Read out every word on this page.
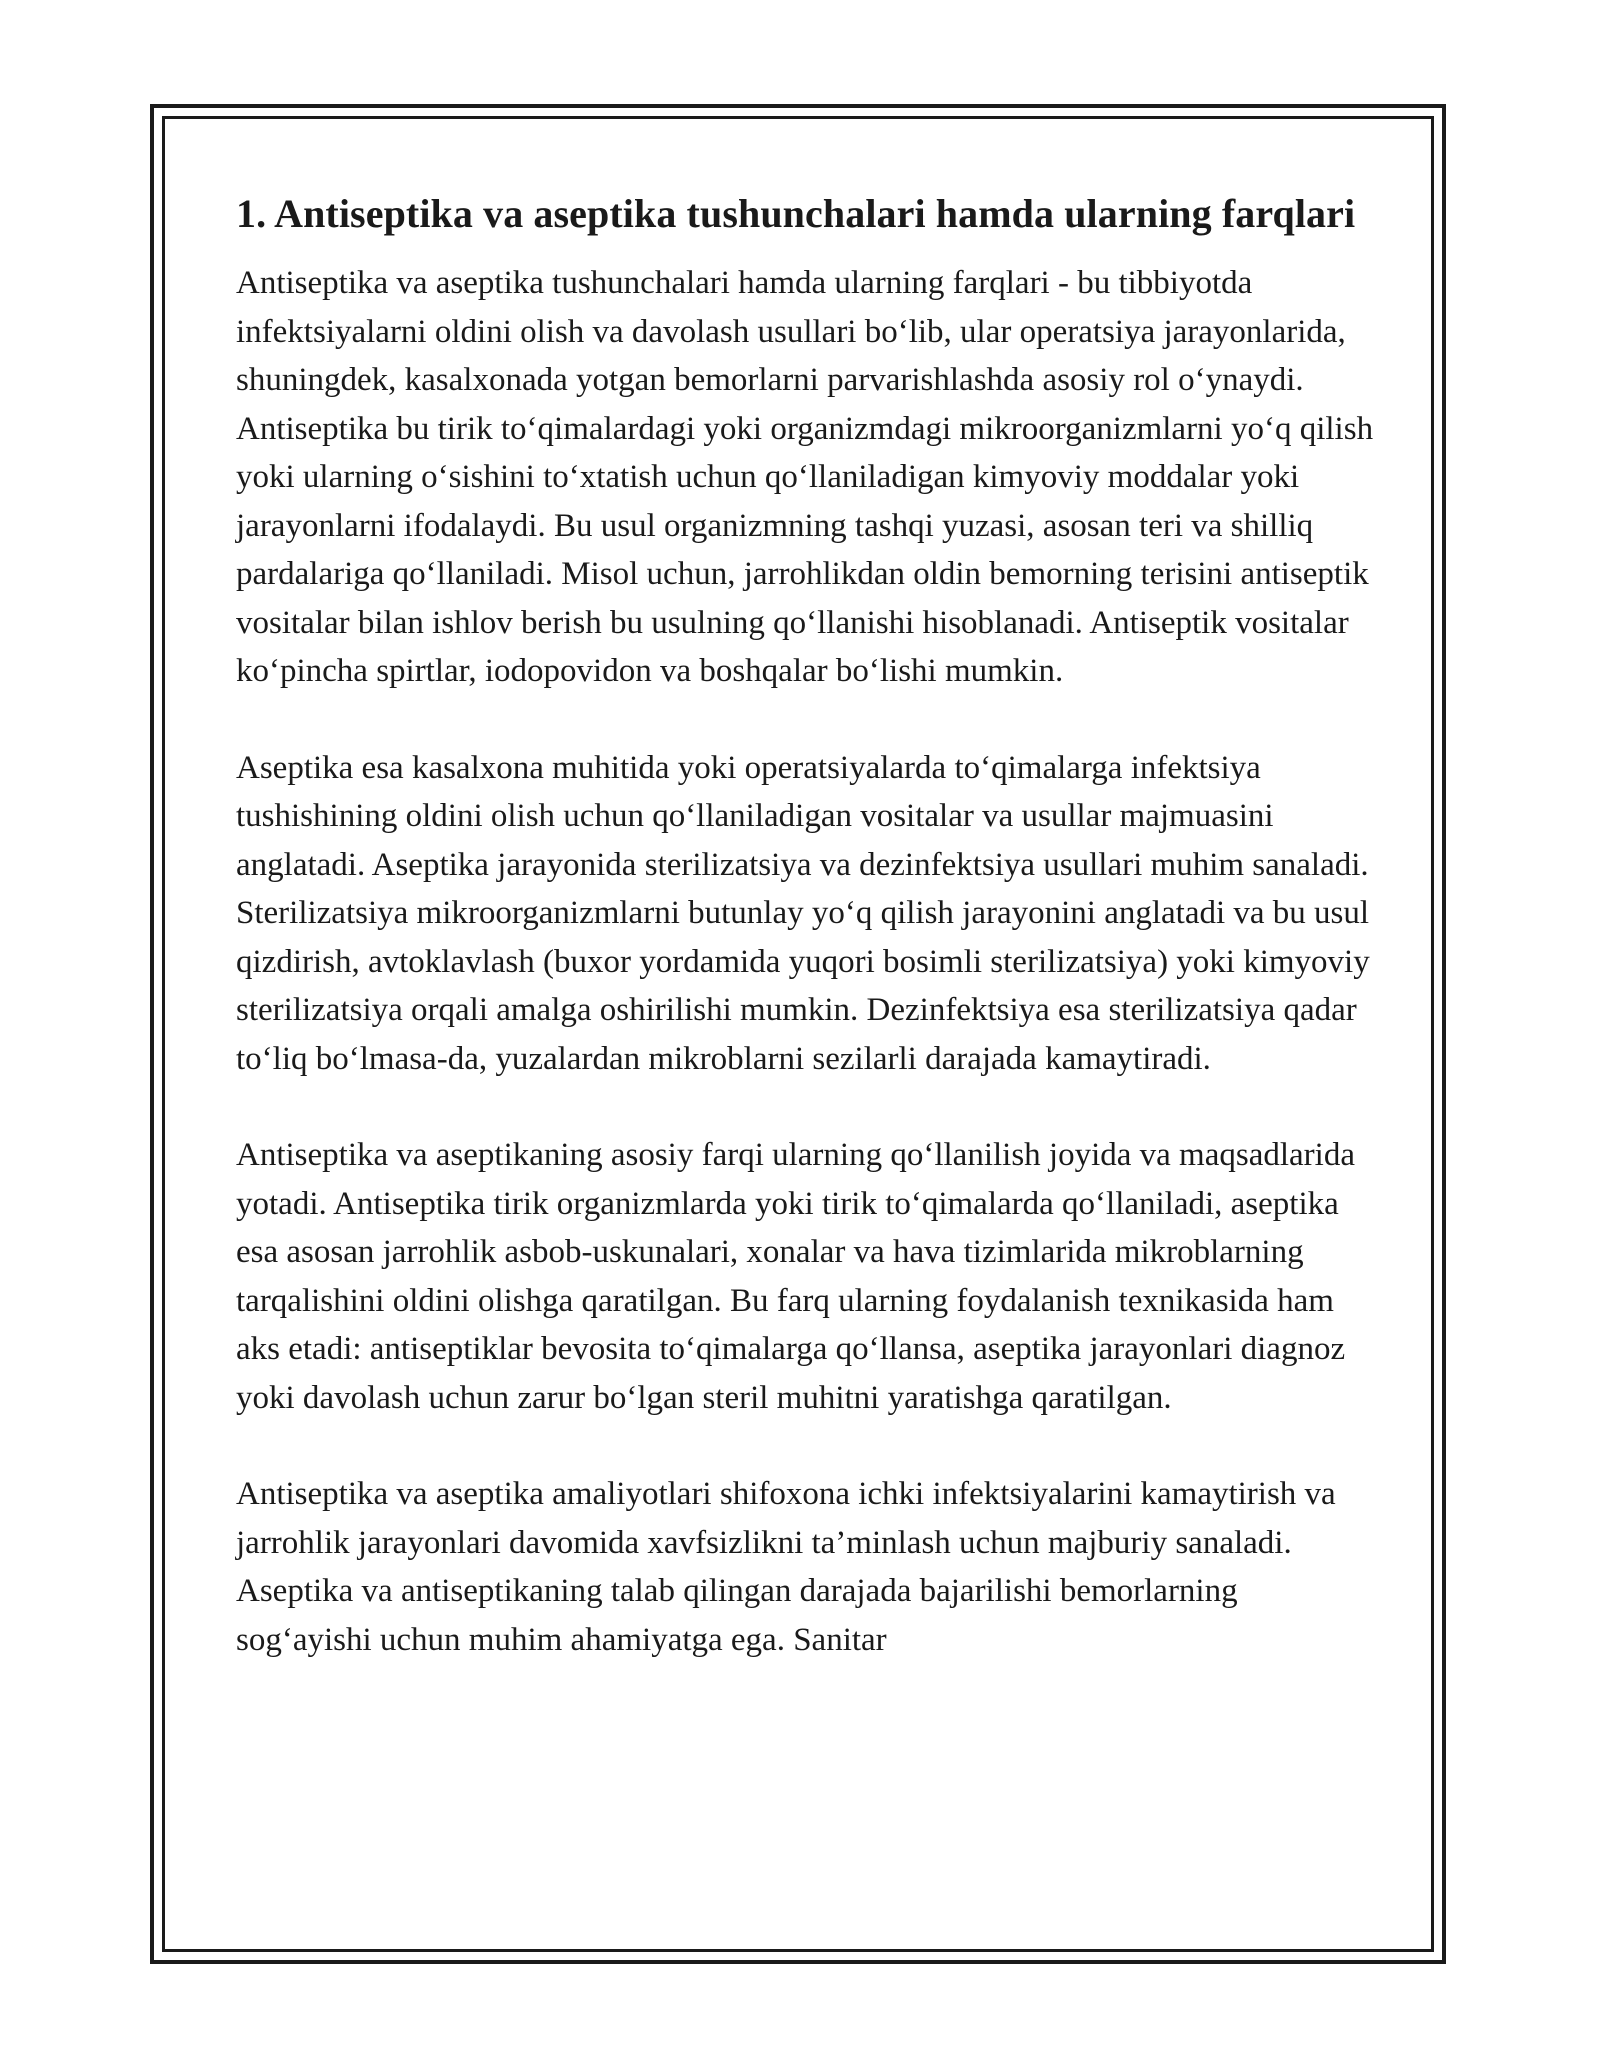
1. Antiseptika va aseptika tushunchalari hamda ularning farqlari

Antiseptika va aseptika tushunchalari hamda ularning farqlari - bu tibbiyotda infektsiyalarni oldini olish va davolash usullari bo‘lib, ular operatsiya jarayonlarida, shuningdek, kasalxonada yotgan bemorlarni parvarishlashda asosiy rol o‘ynaydi. Antiseptika bu tirik to‘qimalardagi yoki organizmdagi mikroorganizmlarni yo‘q qilish yoki ularning o‘sishini to‘xtatish uchun qo‘llaniladigan kimyoviy moddalar yoki jarayonlarni ifodalaydi. Bu usul organizmning tashqi yuzasi, asosan teri va shilliq pardalariga qo‘llaniladi. Misol uchun, jarrohlikdan oldin bemorning terisini antiseptik vositalar bilan ishlov berish bu usulning qo‘llanishi hisoblanadi. Antiseptik vositalar ko‘pincha spirtlar, iodopovidon va boshqalar bo‘lishi mumkin.

Aseptika esa kasalxona muhitida yoki operatsiyalarda to‘qimalarga infektsiya tushishining oldini olish uchun qo‘llaniladigan vositalar va usullar majmuasini anglatadi. Aseptika jarayonida sterilizatsiya va dezinfektsiya usullari muhim sanaladi. Sterilizatsiya mikroorganizmlarni butunlay yo‘q qilish jarayonini anglatadi va bu usul qizdirish, avtoklavlash (buxor yordamida yuqori bosimli sterilizatsiya) yoki kimyoviy sterilizatsiya orqali amalga oshirilishi mumkin. Dezinfektsiya esa sterilizatsiya qadar to‘liq bo‘lmasa-da, yuzalardan mikroblarni sezilarli darajada kamaytiradi.

Antiseptika va aseptikaning asosiy farqi ularning qo‘llanilish joyida va maqsadlarida yotadi. Antiseptika tirik organizmlarda yoki tirik to‘qimalarda qo‘llaniladi, aseptika esa asosan jarrohlik asbob-uskunalari, xonalar va hava tizimlarida mikroblarning tarqalishini oldini olishga qaratilgan. Bu farq ularning foydalanish texnikasida ham aks etadi: antiseptiklar bevosita to‘qimalarga qo‘llansa, aseptika jarayonlari diagnoz yoki davolash uchun zarur bo‘lgan steril muhitni yaratishga qaratilgan.

Antiseptika va aseptika amaliyotlari shifoxona ichki infektsiyalarini kamaytirish va jarrohlik jarayonlari davomida xavfsizlikni ta’minlash uchun majburiy sanaladi. Aseptika va antiseptikaning talab qilingan darajada bajarilishi bemorlarning sog‘ayishi uchun muhim ahamiyatga ega. Sanitar
